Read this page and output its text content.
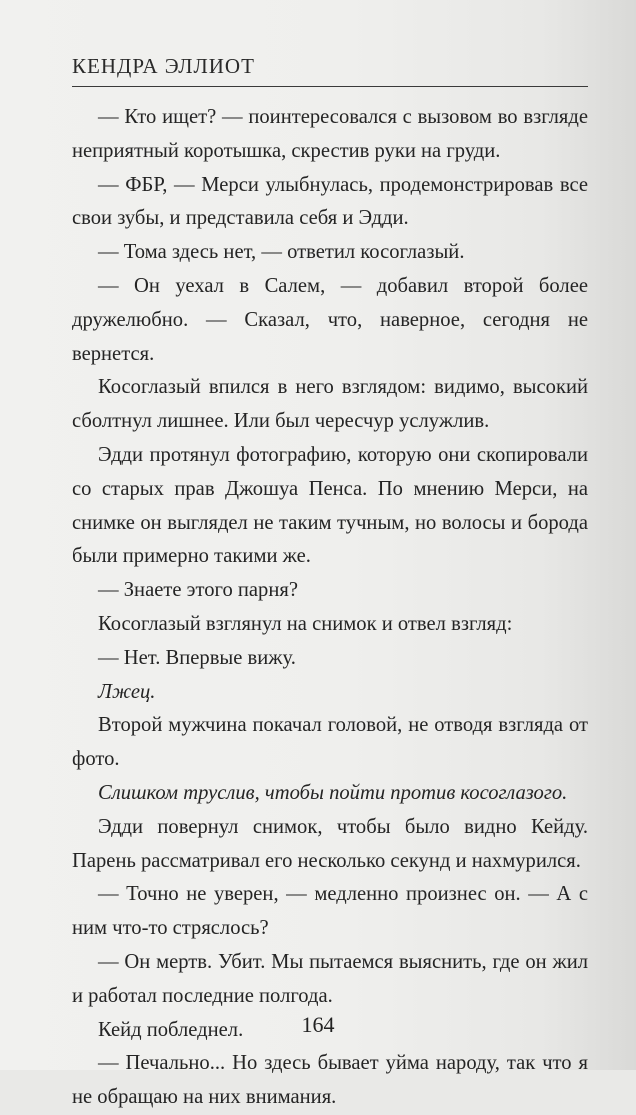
КЕНДРА ЭЛЛИОТ

— Кто ищет? — поинтересовался с вызовом во взгляде неприятный коротышка, скрестив руки на груди.

— ФБР, — Мерси улыбнулась, продемонстрировав все свои зубы, и представила себя и Эдди.

— Тома здесь нет, — ответил косоглазый.

— Он уехал в Салем, — добавил второй более дружелюбно. — Сказал, что, наверное, сегодня не вернется.

Косоглазый впился в него взглядом: видимо, высокий сболтнул лишнее. Или был чересчур услужлив.

Эдди протянул фотографию, которую они скопировали со старых прав Джошуа Пенса. По мнению Мерси, на снимке он выглядел не таким тучным, но волосы и борода были примерно такими же.

— Знаете этого парня?

Косоглазый взглянул на снимок и отвел взгляд:

— Нет. Впервые вижу.

Лжец.

Второй мужчина покачал головой, не отводя взгляда от фото.

Слишком труслив, чтобы пойти против косоглазого.

Эдди повернул снимок, чтобы было видно Кейду. Парень рассматривал его несколько секунд и нахмурился.

— Точно не уверен, — медленно произнес он. — А с ним что-то стряслось?

— Он мертв. Убит. Мы пытаемся выяснить, где он жил и работал последние полгода.

Кейд побледнел.

— Печально... Но здесь бывает уйма народу, так что я не обращаю на них внимания.

164
